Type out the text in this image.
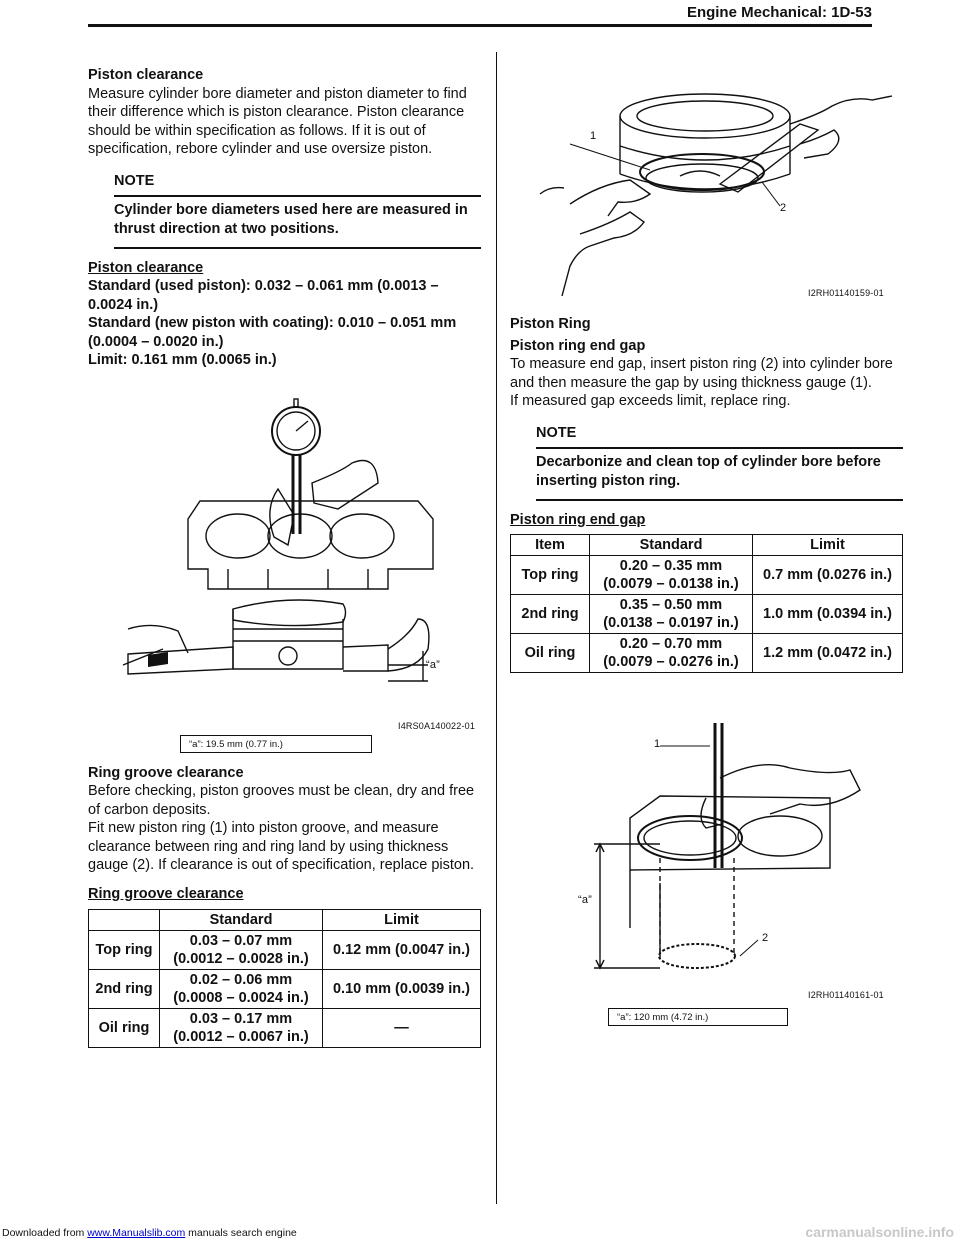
Engine Mechanical: 1D-53

Piston clearance

Measure cylinder bore diameter and piston diameter to find their difference which is piston clearance. Piston clearance should be within specification as follows. If it is out of specification, rebore cylinder and use oversize piston.

NOTE
Cylinder bore diameters used here are measured in thrust direction at two positions.

Piston clearance

Standard (used piston): 0.032 – 0.061 mm (0.0013 – 0.0024 in.)

Standard (new piston with coating): 0.010 – 0.051 mm (0.0004 – 0.0020 in.)

Limit: 0.161 mm (0.0065 in.)

I4RS0A140022-01
“a”
“a”: 19.5 mm (0.77 in.)

Ring groove clearance

Before checking, piston grooves must be clean, dry and free of carbon deposits.

Fit new piston ring (1) into piston groove, and measure clearance between ring and ring land by using thickness gauge (2). If clearance is out of specification, replace piston.

Ring groove clearance

	Standard	Limit
Top ring	0.03 – 0.07 mm
(0.0012 – 0.0028 in.)	0.12 mm (0.0047 in.)
2nd ring	0.02 – 0.06 mm
(0.0008 – 0.0024 in.)	0.10 mm (0.0039 in.)
Oil ring	0.03 – 0.17 mm
(0.0012 – 0.0067 in.)	—
1
2
I2RH01140159-01

Piston Ring

Piston ring end gap

To measure end gap, insert piston ring (2) into cylinder bore and then measure the gap by using thickness gauge (1).

If measured gap exceeds limit, replace ring.

NOTE
Decarbonize and clean top of cylinder bore before inserting piston ring.

Piston ring end gap

Item	Standard	Limit
Top ring	0.20 – 0.35 mm
(0.0079 – 0.0138 in.)	0.7 mm (0.0276 in.)
2nd ring	0.35 – 0.50 mm
(0.0138 – 0.0197 in.)	1.0 mm (0.0394 in.)
Oil ring	0.20 – 0.70 mm
(0.0079 – 0.0276 in.)	1.2 mm (0.0472 in.)
1
2
“a”
I2RH01140161-01
“a”: 120 mm (4.72 in.)
Downloaded from www.Manualslib.com manuals search engine	carmanualsonline.info
